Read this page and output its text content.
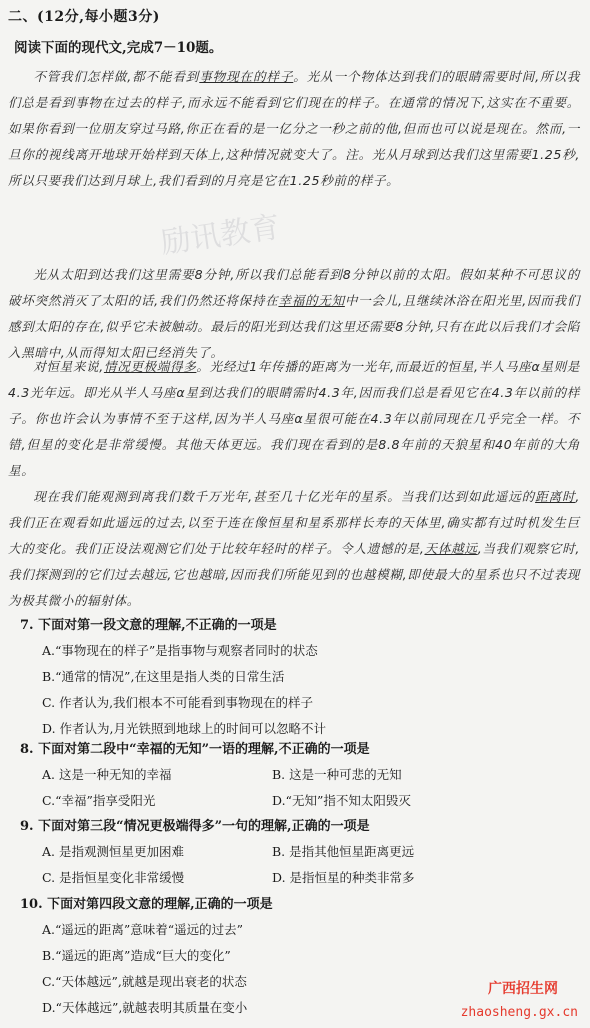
励讯教育
二、(12分,每小题3分)
阅读下面的现代文,完成7－10题。
不管我们怎样做,都不能看到事物现在的样子。光从一个物体达到我们的眼睛需要时间,所以我们总是看到事物在过去的样子,而永远不能看到它们现在的样子。在通常的情况下,这实在不重要。如果你看到一位朋友穿过马路,你正在看的是一亿分之一秒之前的他,但而也可以说是现在。然而,一旦你的视线离开地球开始样到天体上,这种情况就变大了。注。光从月球到达我们这里需要1.25秒,所以只要我们达到月球上,我们看到的月亮是它在1.25秒前的样子。
光从太阳到达我们这里需要8分钟,所以我们总能看到8分钟以前的太阳。假如某种不可思议的破坏突然消灭了太阳的话,我们仍然还将保持在幸福的无知中一会儿,且继续沐浴在阳光里,因而我们感到太阳的存在,似乎它未被触动。最后的阳光到达我们这里还需要8分钟,只有在此以后我们才会陷入黑暗中,从而得知太阳已经消失了。
对恒星来说,情况更极端得多。光经过1年传播的距离为一光年,而最近的恒星,半人马座α星则是4.3光年远。即光从半人马座α星到达我们的眼睛需时4.3年,因而我们总是看见它在4.3年以前的样子。你也许会认为事情不至于这样,因为半人马座α星很可能在4.3年以前同现在几乎完全一样。不错,但星的变化是非常缓慢。其他天体更远。我们现在看到的是8.8年前的天狼星和40年前的大角星。
现在我们能观测到离我们数千万光年,甚至几十亿光年的星系。当我们达到如此遥远的距离时,我们正在观看如此遥远的过去,以至于连在像恒星和星系那样长寿的天体里,确实都有过时机发生巨大的变化。我们正设法观测它们处于比较年轻时的样子。令人遗憾的是,天体越远,当我们观察它时,我们探测到的它们过去越远,它也越暗,因而我们所能见到的也越模糊,即使最大的星系也只不过表现为极其微小的辐射体。
7. 下面对第一段文意的理解,不正确的一项是
A.“事物现在的样子”是指事物与观察者同时的状态
B.“通常的情况”,在这里是指人类的日常生活
C. 作者认为,我们根本不可能看到事物现在的样子
D. 作者认为,月光铁照到地球上的时间可以忽略不计
8. 下面对第二段中“幸福的无知”一语的理解,不正确的一项是
A. 这是一种无知的幸福	B. 这是一种可悲的无知
C.“幸福”指享受阳光	D.“无知”指不知太阳毁灭
9. 下面对第三段“情况更极端得多”一句的理解,正确的一项是
A. 是指观测恒星更加困难	B. 是指其他恒星距离更远
C. 是指恒星变化非常缓慢	D. 是指恒星的种类非常多
10. 下面对第四段文意的理解,正确的一项是
A.“遥远的距离”意味着“遥远的过去”
B.“遥远的距离”造成“巨大的变化”
C.“天体越远”,就越是现出衰老的状态
D.“天体越远”,就越表明其质量在变小
广西招生网
zhaosheng.gx.cn
